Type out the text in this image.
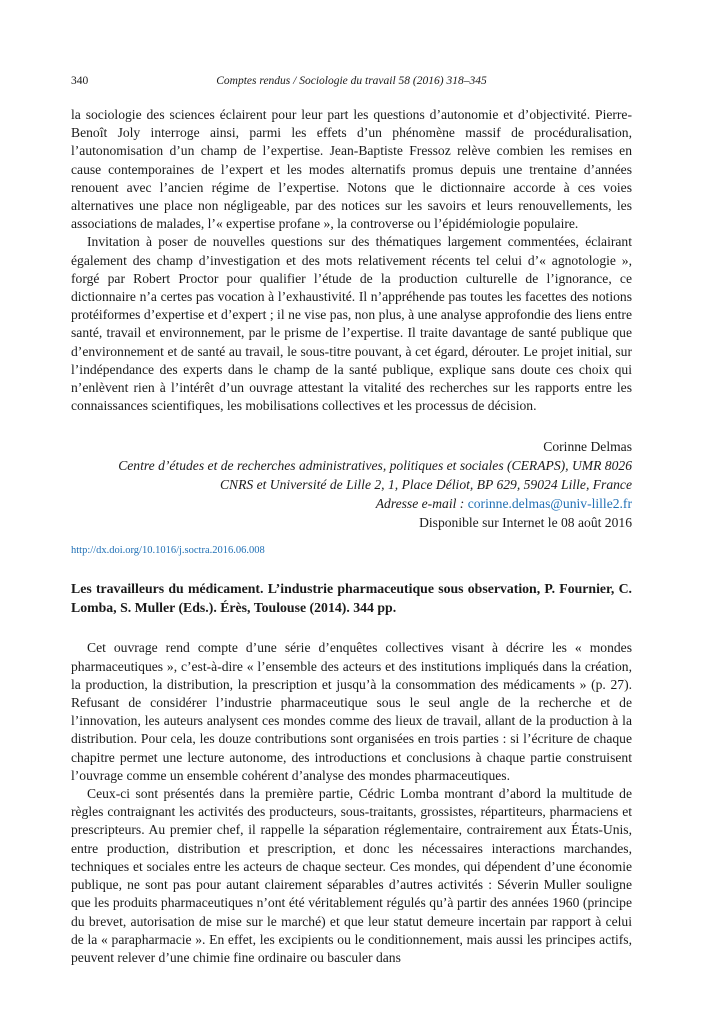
340	Comptes rendus / Sociologie du travail 58 (2016) 318–345

la sociologie des sciences éclairent pour leur part les questions d’autonomie et d’objectivité. Pierre-Benoît Joly interroge ainsi, parmi les effets d’un phénomène massif de procéduralisation, l’autonomisation d’un champ de l’expertise. Jean-Baptiste Fressoz relève combien les remises en cause contemporaines de l’expert et les modes alternatifs promus depuis une trentaine d’années renouent avec l’ancien régime de l’expertise. Notons que le dictionnaire accorde à ces voies alternatives une place non négligeable, par des notices sur les savoirs et leurs renouvellements, les associations de malades, l’« expertise profane », la controverse ou l’épidémiologie populaire.

Invitation à poser de nouvelles questions sur des thématiques largement commentées, éclairant également des champ d’investigation et des mots relativement récents tel celui d’« agnotologie », forgé par Robert Proctor pour qualifier l’étude de la production culturelle de l’ignorance, ce dictionnaire n’a certes pas vocation à l’exhaustivité. Il n’appréhende pas toutes les facettes des notions protéiformes d’expertise et d’expert ; il ne vise pas, non plus, à une analyse approfondie des liens entre santé, travail et environnement, par le prisme de l’expertise. Il traite davantage de santé publique que d’environnement et de santé au travail, le sous-titre pouvant, à cet égard, dérouter. Le projet initial, sur l’indépendance des experts dans le champ de la santé publique, explique sans doute ces choix qui n’enlèvent rien à l’intérêt d’un ouvrage attestant la vitalité des recherches sur les rapports entre les connaissances scientifiques, les mobilisations collectives et les processus de décision.

Corinne Delmas
Centre d’études et de recherches administratives, politiques et sociales (CERAPS), UMR 8026
CNRS et Université de Lille 2, 1, Place Déliot, BP 629, 59024 Lille, France
Adresse e-mail : corinne.delmas@univ-lille2.fr
Disponible sur Internet le 08 août 2016
http://dx.doi.org/10.1016/j.soctra.2016.06.008
Les travailleurs du médicament. L’industrie pharmaceutique sous observation, P. Fournier, C. Lomba, S. Muller (Eds.). Érès, Toulouse (2014). 344 pp.

Cet ouvrage rend compte d’une série d’enquêtes collectives visant à décrire les « mondes pharmaceutiques », c’est-à-dire « l’ensemble des acteurs et des institutions impliqués dans la création, la production, la distribution, la prescription et jusqu’à la consommation des médicaments » (p. 27). Refusant de considérer l’industrie pharmaceutique sous le seul angle de la recherche et de l’innovation, les auteurs analysent ces mondes comme des lieux de travail, allant de la production à la distribution. Pour cela, les douze contributions sont organisées en trois parties : si l’écriture de chaque chapitre permet une lecture autonome, des introductions et conclusions à chaque partie construisent l’ouvrage comme un ensemble cohérent d’analyse des mondes pharmaceutiques.

Ceux-ci sont présentés dans la première partie, Cédric Lomba montrant d’abord la multitude de règles contraignant les activités des producteurs, sous-traitants, grossistes, répartiteurs, pharmaciens et prescripteurs. Au premier chef, il rappelle la séparation réglementaire, contrairement aux États-Unis, entre production, distribution et prescription, et donc les nécessaires interactions marchandes, techniques et sociales entre les acteurs de chaque secteur. Ces mondes, qui dépendent d’une économie publique, ne sont pas pour autant clairement séparables d’autres activités : Séverin Muller souligne que les produits pharmaceutiques n’ont été véritablement régulés qu’à partir des années 1960 (principe du brevet, autorisation de mise sur le marché) et que leur statut demeure incertain par rapport à celui de la « parapharmacie ». En effet, les excipients ou le conditionnement, mais aussi les principes actifs, peuvent relever d’une chimie fine ordinaire ou basculer dans
